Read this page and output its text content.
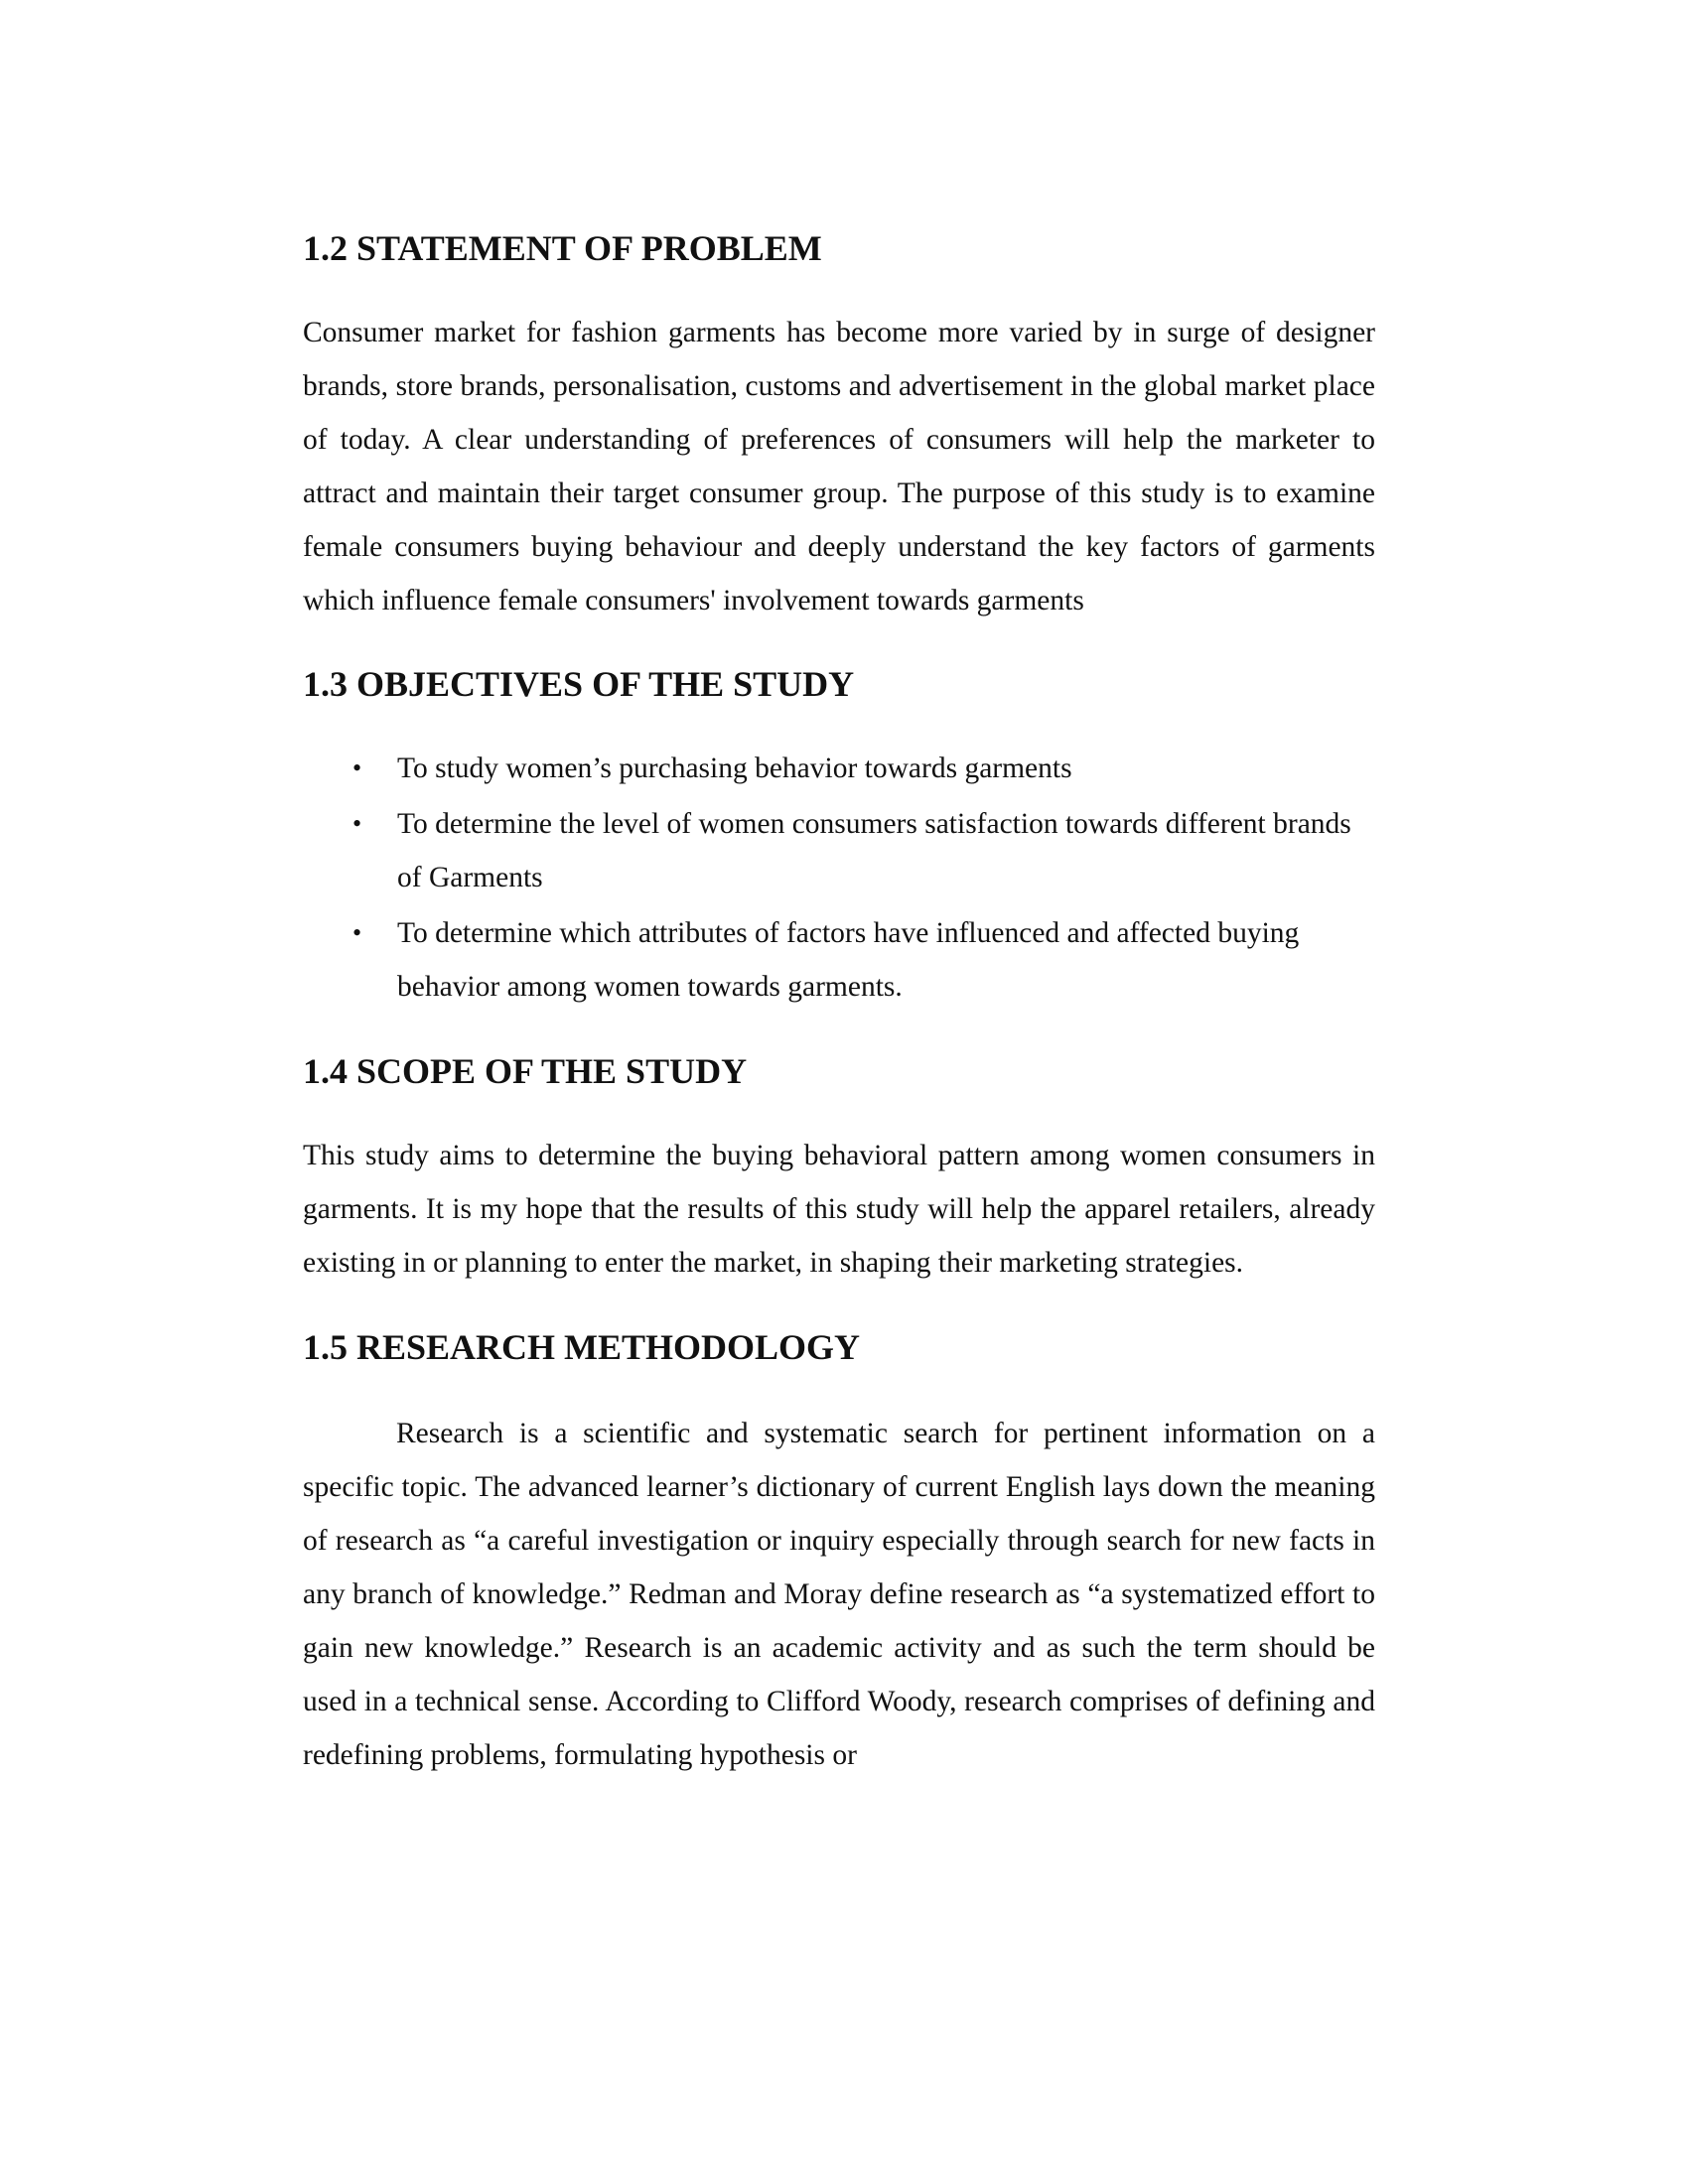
1.2 STATEMENT OF PROBLEM

Consumer market for fashion garments has become more varied by in surge of designer brands, store brands, personalisation, customs and advertisement in the global market place of today. A clear understanding of preferences of consumers will help the marketer to attract and maintain their target consumer group. The purpose of this study is to examine female consumers buying behaviour and deeply understand the key factors of garments which influence female consumers' involvement towards garments

1.3 OBJECTIVES OF THE STUDY
• To study women’s purchasing behavior towards garments
• To determine the level of women consumers satisfaction towards different brands of Garments
• To determine which attributes of factors have influenced and affected buying behavior among women towards garments.
1.4 SCOPE OF THE STUDY

This study aims to determine the buying behavioral pattern among women consumers in garments. It is my hope that the results of this study will help the apparel retailers, already existing in or planning to enter the market, in shaping their marketing strategies.

1.5 RESEARCH METHODOLOGY

Research is a scientific and systematic search for pertinent information on a specific topic. The advanced learner’s dictionary of current English lays down the meaning of research as “a careful investigation or inquiry especially through search for new facts in any branch of knowledge.” Redman and Moray define research as “a systematized effort to gain new knowledge.” Research is an academic activity and as such the term should be used in a technical sense. According to Clifford Woody, research comprises of defining and redefining problems, formulating hypothesis or
